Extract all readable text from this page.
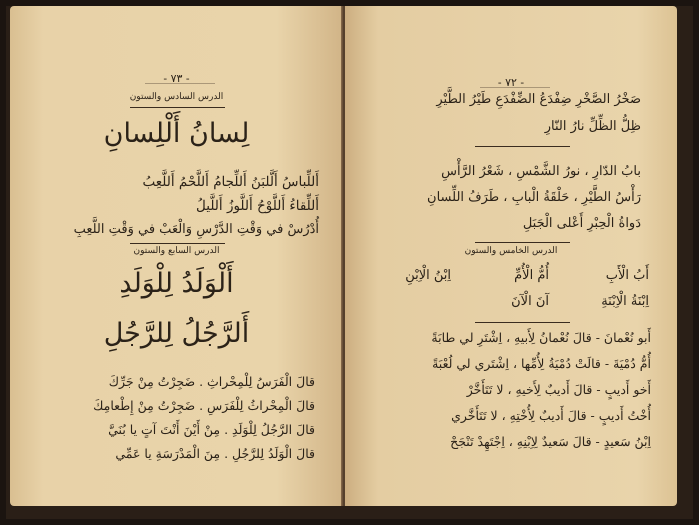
- ٧٣ -
الدرس السادس والستون
لِسانُ أَلْلِسانِ
أَللِّباسُ أَلَّلبَنُ أَللِّجامُ أَللَّحْمُ أَللَّعِبُ
أَللِّقاءُ أَللَّوْحُ أَللَّوزُ أَللَّيلُ
أُدْرُسْ في وَقْتِ الدَّرْسِ وَالْعَبْ في وَقْتِ اللَّعِبِ
الدرس السابع والستون
أَلْوَلَدُ لِلْوَلَدِ
أَلرَّجُلُ لِلرَّجُلِ
قالَ الْفَرَسُ لِلْمِحْراثِ . ضَجِرْتُ مِنْ جَرِّكَ
قالَ الْمِحْراثُ لِلْفَرَسِ . ضَجِرْتُ مِنْ إِطْعامِكَ
قالَ الرَّجُلُ لِلْوَلَدِ . مِنْ أَيْنَ أَنْتَ آتٍ يا بُنَيَّ
قالَ الْوَلَدُ لِلرَّجُلِ . مِنَ الْمَدْرَسَةِ يا عَمِّي
- ٧٢ -
صَخْرُ الصَّخْرِ ضِفْدَعُ الضِّفْدَعِ طَيْرُ الطَّيْرِ
ظِلُّ الظِّلِّ نارُ النّارِ
بابُ الدّارِ ، نورُ الشَّمْسِ ، شَعْرُ الرَّأْسِ
رَأْسُ الطَّيْرِ ، حَلْقَةُ الْبابِ ، طَرَفُ اللِّسانِ
دَواةُ الْحِبْرِ أَعْلى الْجَبَلِ
الدرس الخامس والستون
أَبُ الْأَبِ
أُمُّ الْأُمِّ
اِبْنُ الْاِبْنِ
اِبْنَةُ الْاِبْنَةِ
آنَ الْآنَ
أَبو نُعْمانَ - قالَ نُعْمانُ لِأَبيهِ ، اِشْتَرِ لي طابَةً
أُمُّ دُمْيَةَ - قالَتْ دُمْيَةُ لِأُمِّها ، اِشْتَري لي لُعْبَةً
أَخو أَديبٍ - قالَ أَديبٌ لِأَخيهِ ، لا تَتَأَخَّرْ
أُخْتُ أَديبٍ - قالَ أَديبٌ لِأُخْتِهِ ، لا تَتَأَخَّري
اِبْنُ سَعيدٍ - قالَ سَعيدٌ لِاِبْنِهِ ، اِجْتَهِدْ تَنْجَحْ
